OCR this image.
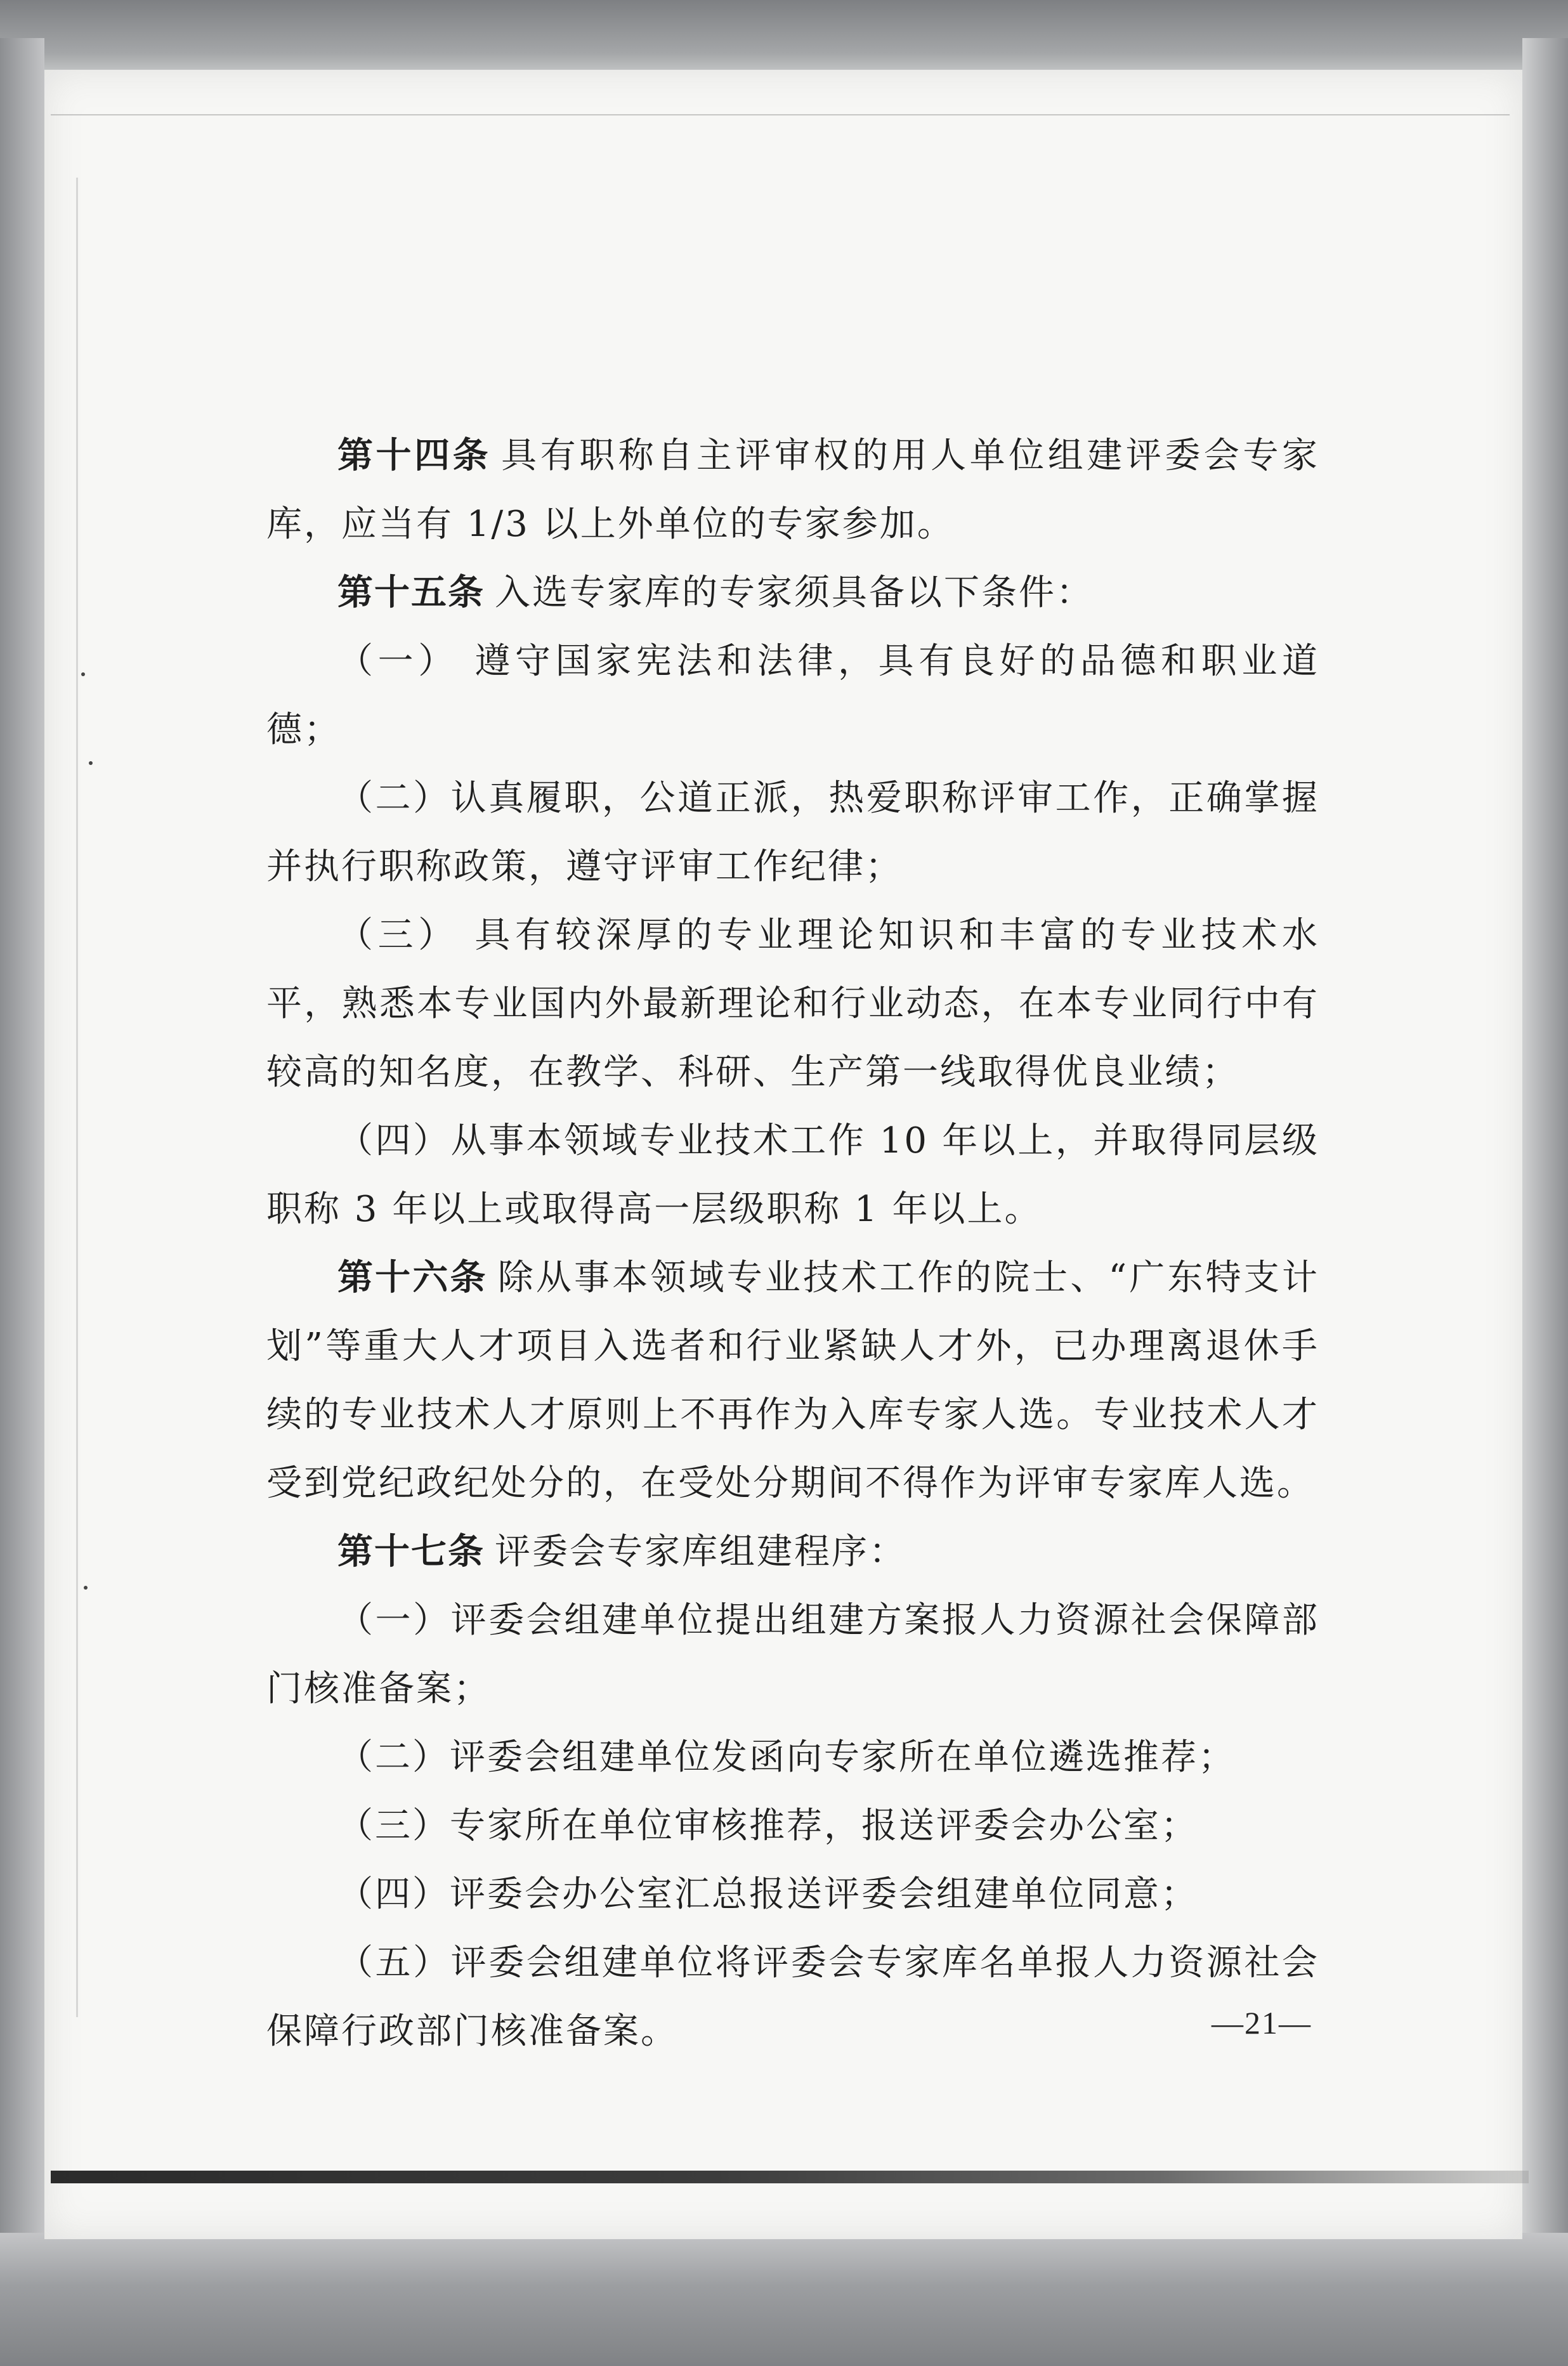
第十四条 具有职称自主评审权的用人单位组建评委会专家库，应当有 1/3 以上外单位的专家参加。

第十五条 入选专家库的专家须具备以下条件：

（一） 遵守国家宪法和法律，具有良好的品德和职业道德；

（二）认真履职，公道正派，热爱职称评审工作，正确掌握并执行职称政策，遵守评审工作纪律；

（三） 具有较深厚的专业理论知识和丰富的专业技术水平，熟悉本专业国内外最新理论和行业动态，在本专业同行中有较高的知名度，在教学、科研、生产第一线取得优良业绩；

（四）从事本领域专业技术工作 10 年以上，并取得同层级职称 3 年以上或取得高一层级职称 1 年以上。

第十六条 除从事本领域专业技术工作的院士、“广东特支计划”等重大人才项目入选者和行业紧缺人才外，已办理离退休手续的专业技术人才原则上不再作为入库专家人选。专业技术人才受到党纪政纪处分的，在受处分期间不得作为评审专家库人选。

第十七条 评委会专家库组建程序：

（一）评委会组建单位提出组建方案报人力资源社会保障部门核准备案；

（二）评委会组建单位发函向专家所在单位遴选推荐；

（三）专家所在单位审核推荐，报送评委会办公室；

（四）评委会办公室汇总报送评委会组建单位同意；

（五）评委会组建单位将评委会专家库名单报人力资源社会保障行政部门核准备案。	—21—
